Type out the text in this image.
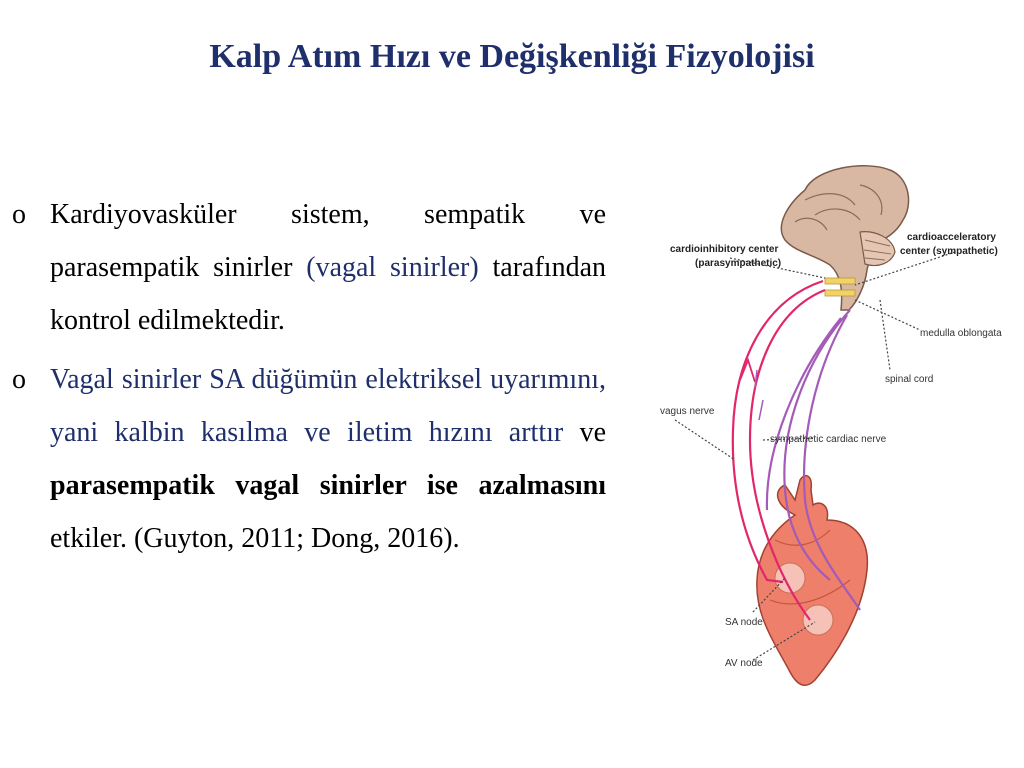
Kalp Atım Hızı ve Değişkenliği Fizyolojisi
o Kardiyovasküler sistem, sempatik ve parasempatik sinirler (vagal sinirler) tarafından kontrol edilmektedir.
o Vagal sinirler SA düğümün elektriksel uyarımını, yani kalbin kasılma ve iletim hızını arttır ve parasempatik vagal sinirler ise azalmasını etkiler. (Guyton, 2011; Dong, 2016).
cardioinhibitory center
(parasympathetic)
cardioacceleratory
center (sympathetic)
medulla oblongata
spinal cord
vagus nerve
sympathetic cardiac nerve
SA node
AV node
